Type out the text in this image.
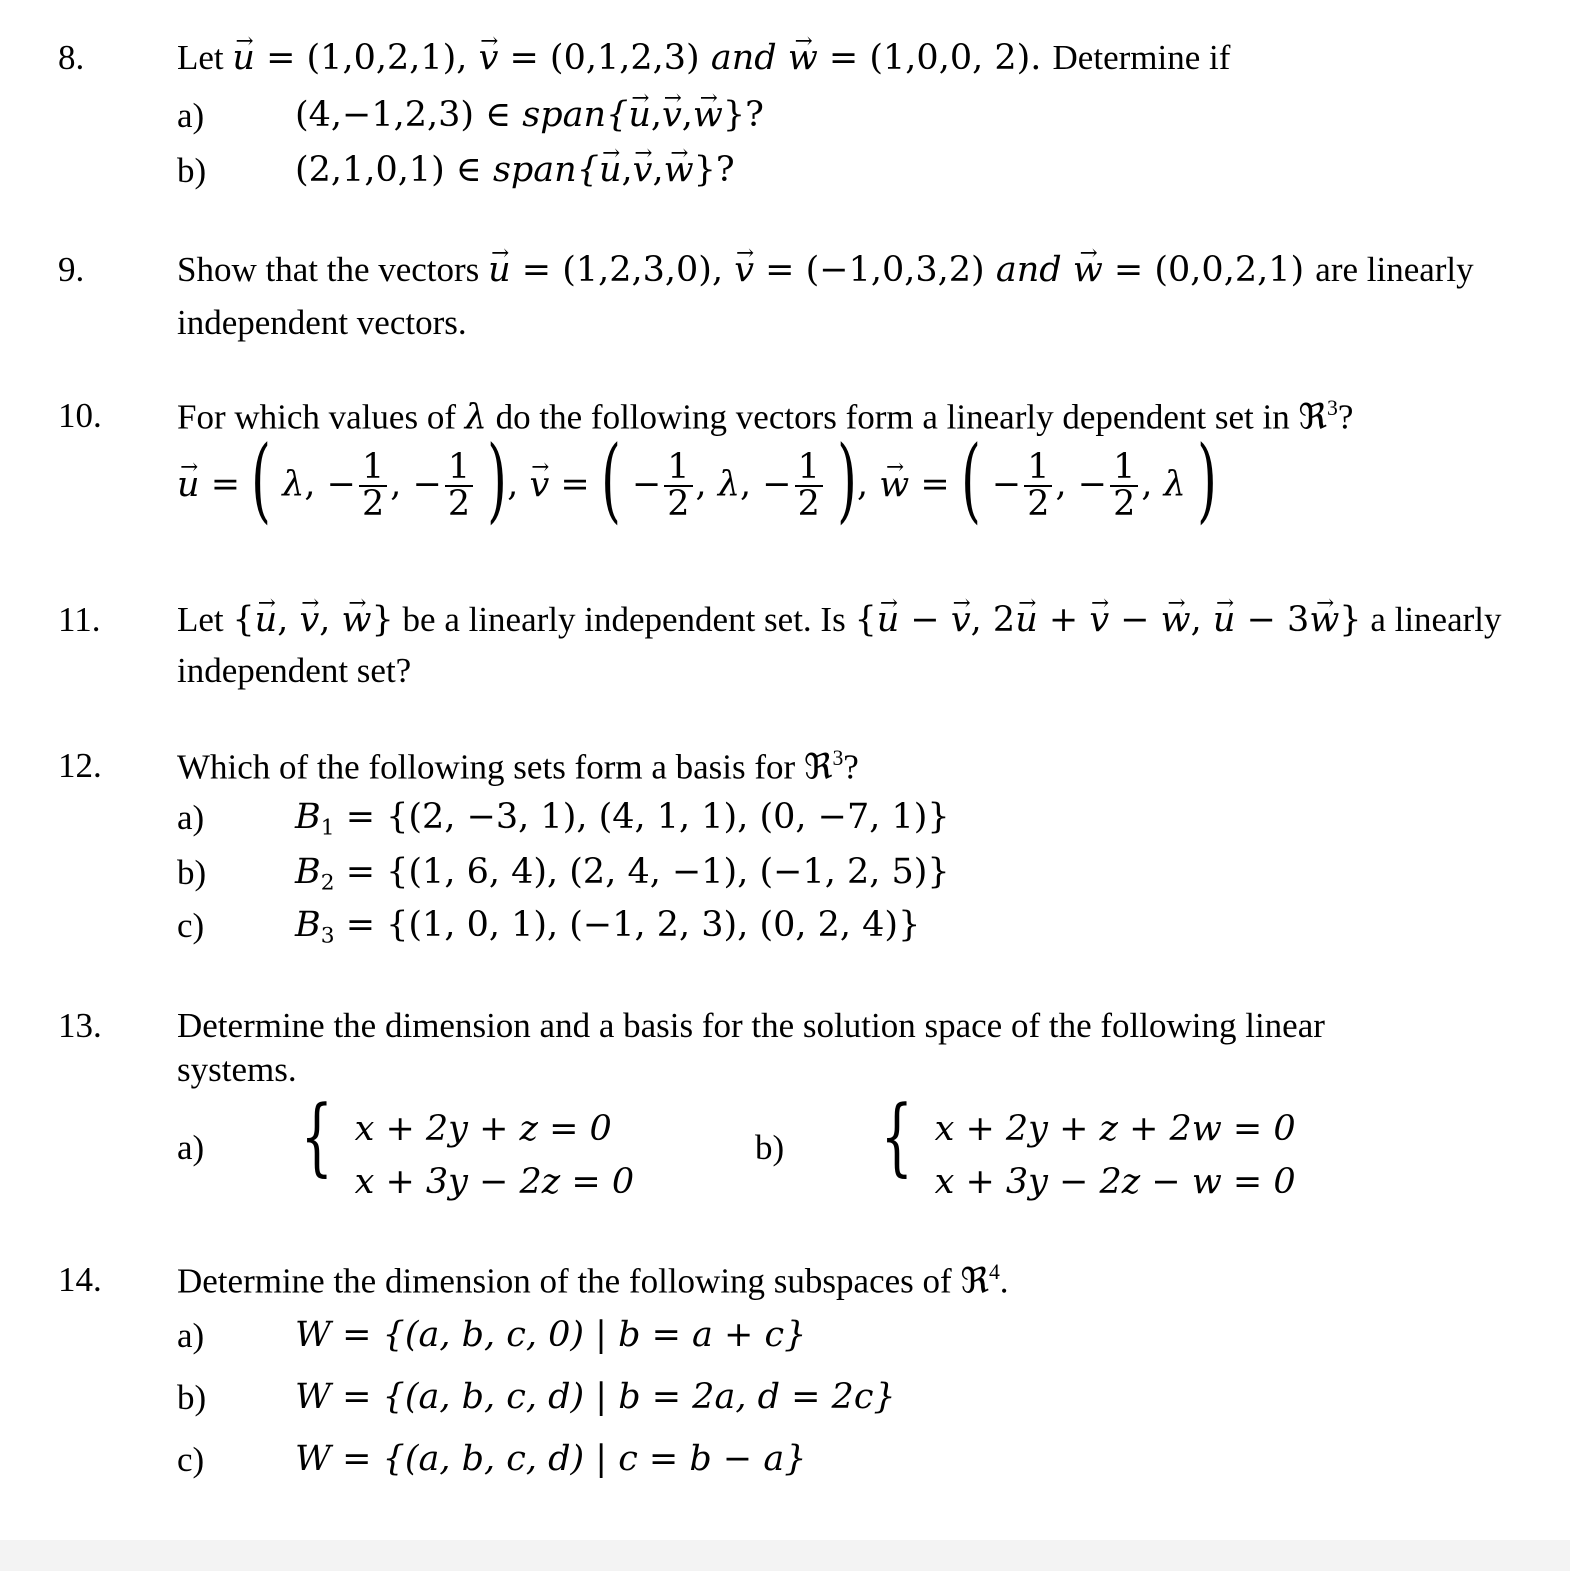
8.	Let u → = (1,0,2,1), v → = (0,1,2,3) and w → = (1,0,0, 2). Determine if
a)	(4,−1,2,3) ∈ span{u →,v →,w →}?
b)	(2,1,0,1) ∈ span{u →,v →,w →}?
9.	Show that the vectors u → = (1,2,3,0), v → = (−1,0,3,2) and w → = (0,0,2,1) are linearly
independent vectors.
10. For which values of λ do the following vectors form a linearly dependent set in ℜ$^3$?
u → = ( λ, − $\frac{1}{2}$ , − $\frac{1}{2}$ ), v → = ( − $\frac{1}{2}$ , λ, − $\frac{1}{2}$ ), w → = ( − $\frac{1}{2}$ , − $\frac{1}{2}$ , λ )
11. Let {u →, v →, w →} be a linearly independent set. Is {u → − v →, 2u → + v → − w →, u → − 3w →} a linearly
independent set?
12. Which of the following sets form a basis for ℜ$^3$?
a)	$B_1 = \{(2$, −3, 1), (4, 1, 1), (0, −7, 1)}
b)	$B_2 = \{(1$, 6, 4), (2, 4, −1), (−1, 2, 5)}
c)	$B_3 = \{(1$, 0, 1), (−1, 2, 3), (0, 2, 4)}
13. Determine the dimension and a basis for the solution space of the following linear
systems.
a) { x + 2y + z = 0
x + 3y − 2z = 0
b) { x + 2y + z + 2w = 0
x + 3y − 2z − w = 0
14. Determine the dimension of the following subspaces of ℜ$^4$.
a)	W = {(a, b, c, 0) | b = a + c}
b)	W = {(a, b, c, d) | b = 2a, d = 2c}
c)	W = {(a, b, c, d) | c = b − a}
